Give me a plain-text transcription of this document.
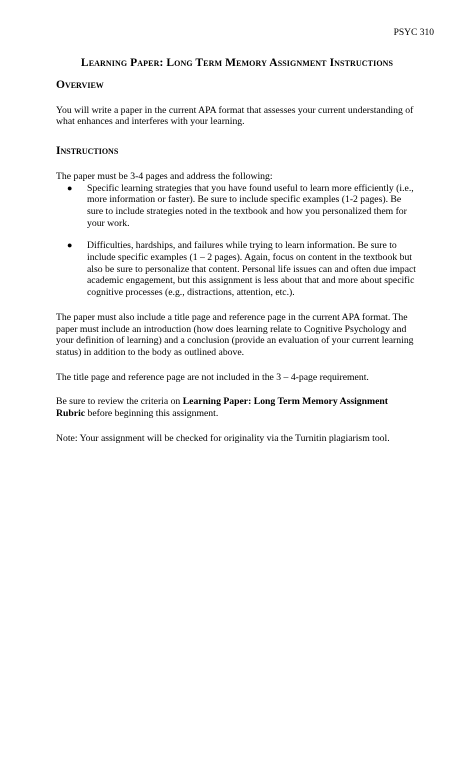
PSYC 310
Learning Paper: Long Term Memory Assignment Instructions
Overview

You will write a paper in the current APA format that assesses your current understanding of what enhances and interferes with your learning.

Instructions

The paper must be 3-4 pages and address the following:

● Specific learning strategies that you have found useful to learn more efficiently (i.e., more information or faster). Be sure to include specific examples (1-2 pages). Be sure to include strategies noted in the textbook and how you personalized them for your work.
● Difficulties, hardships, and failures while trying to learn information. Be sure to include specific examples (1 – 2 pages). Again, focus on content in the textbook but also be sure to personalize that content. Personal life issues can and often due impact academic engagement, but this assignment is less about that and more about specific cognitive processes (e.g., distractions, attention, etc.).

The paper must also include a title page and reference page in the current APA format. The paper must include an introduction (how does learning relate to Cognitive Psychology and your definition of learning) and a conclusion (provide an evaluation of your current learning status) in addition to the body as outlined above.

The title page and reference page are not included in the 3 – 4-page requirement.

Be sure to review the criteria on Learning Paper: Long Term Memory Assignment Rubric before beginning this assignment.

Note: Your assignment will be checked for originality via the Turnitin plagiarism tool.
